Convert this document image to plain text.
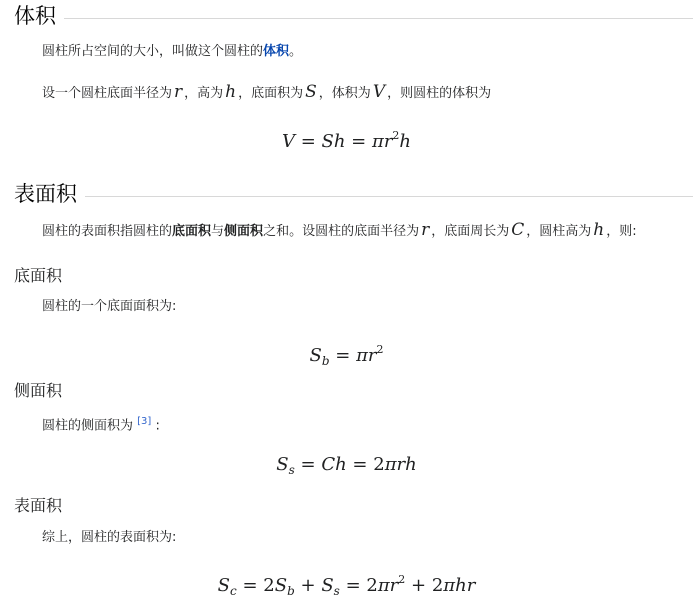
体积
圆柱所占空间的大小，叫做这个圆柱的体积。
设一个圆柱底面半径为 r ，高为 h ，底面积为 S ，体积为 V ，则圆柱的体积为
$V = Sh = \pi r^2h$
表面积
圆柱的表面积指圆柱的底面积与侧面积之和。设圆柱的底面半径为 r ，底面周长为 C ，圆柱高为 h ，则:
底面积
圆柱的一个底面面积为:
$S_b = \pi r^2$
侧面积
圆柱的侧面积为 [3] :
$S_s = Ch = 2\pi rh$
表面积
综上，圆柱的表面积为:
$S_c = 2S_b + S_s = 2\pi r^2 + 2\pi hr$
